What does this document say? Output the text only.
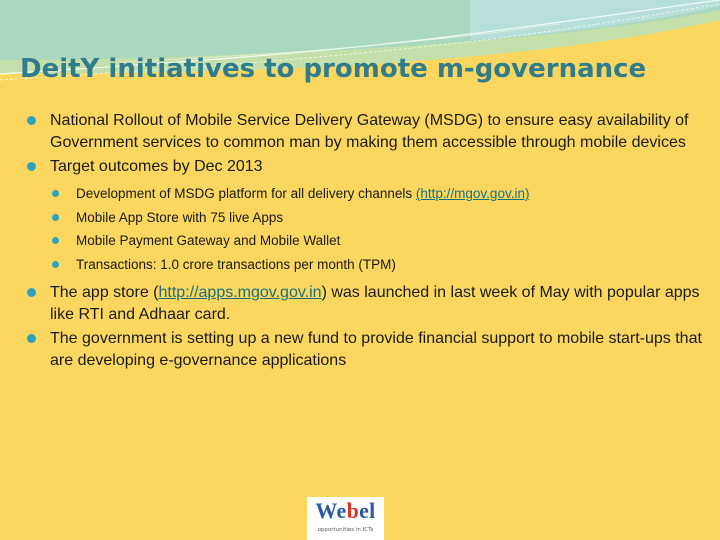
DeitY initiatives to promote m-governance
National Rollout of Mobile Service Delivery Gateway (MSDG) to ensure easy availability of Government services to common man by making them accessible through mobile devices
Target outcomes by Dec 2013
Development of MSDG platform for all delivery channels (http://mgov.gov.in)
Mobile App Store with 75 live Apps
Mobile Payment Gateway and Mobile Wallet
Transactions: 1.0 crore transactions per month (TPM)
The app store (http://apps.mgov.gov.in) was launched in last week of May with popular apps like RTI and Adhaar card.
The government is setting up a new fund to provide financial support to mobile start-ups that are developing e-governance applications
Webel
opportunities in ICTs
